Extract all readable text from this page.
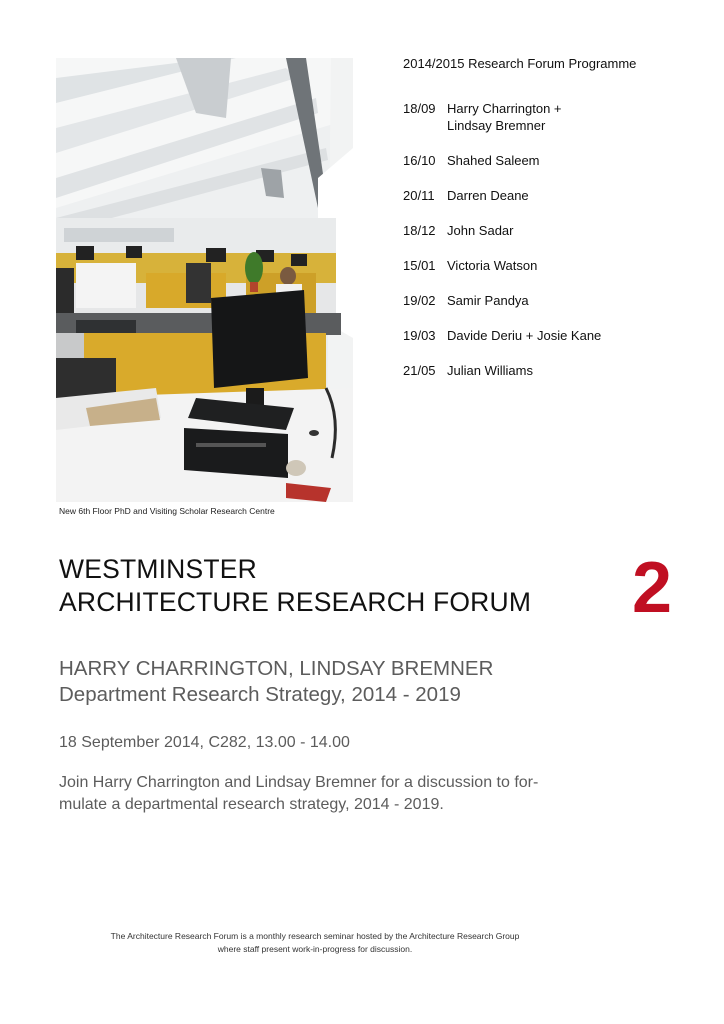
New 6th Floor PhD and Visiting Scholar Research Centre
2014/2015 Research Forum Programme
18/09 Harry Charrington +
Lindsay Bremner
16/10 Shahed Saleem
20/11 Darren Deane
18/12 John Sadar
15/01 Victoria Watson
19/02 Samir Pandya
19/03 Davide Deriu + Josie Kane
21/05 Julian Williams
WESTMINSTER
ARCHITECTURE RESEARCH FORUM 2
HARRY CHARRINGTON, LINDSAY BREMNER
Department Research Strategy, 2014 - 2019
18 September 2014, C282, 13.00 - 14.00
Join Harry Charrington and Lindsay Bremner for a discussion to for-
mulate a departmental research strategy, 2014 - 2019.
The Architecture Research Forum is a monthly research seminar hosted by the Architecture Research Group
where staff present work-in-progress for discussion.
